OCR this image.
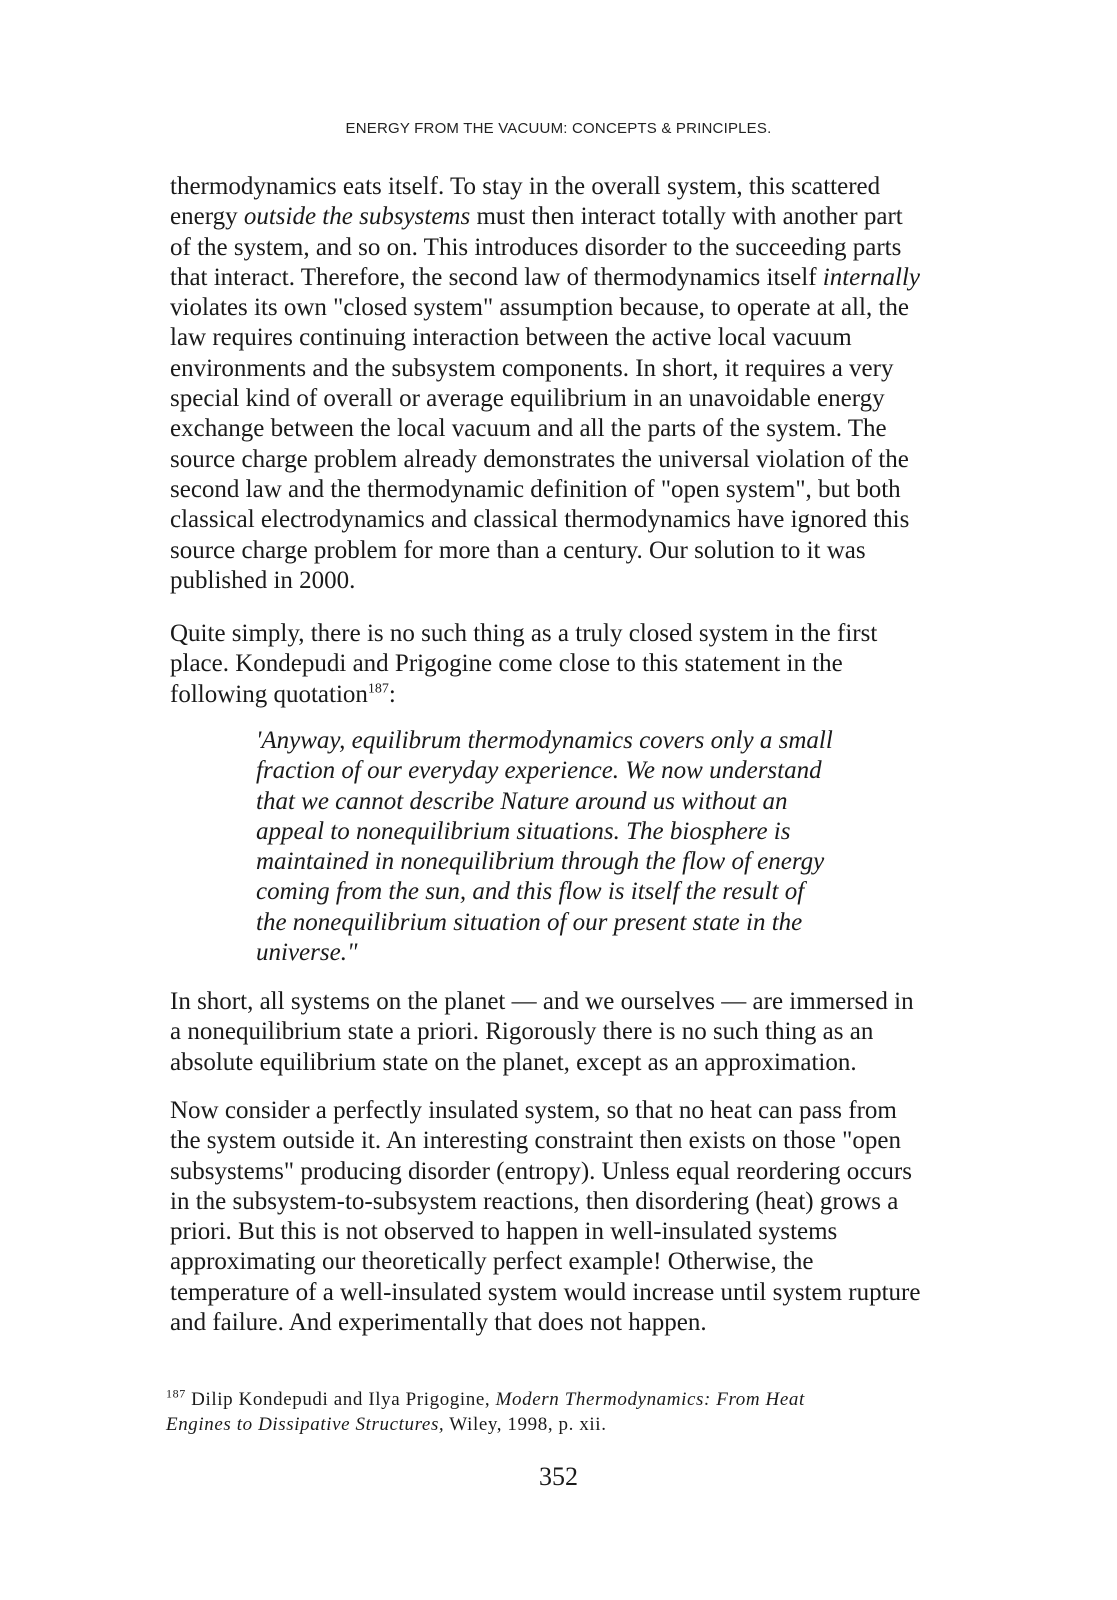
ENERGY FROM THE VACUUM: CONCEPTS & PRINCIPLES.
thermodynamics eats itself. To stay in the overall system, this scattered
energy outside the subsystems must then interact totally with another part
of the system, and so on. This introduces disorder to the succeeding parts
that interact. Therefore, the second law of thermodynamics itself internally
violates its own "closed system" assumption because, to operate at all, the
law requires continuing interaction between the active local vacuum
environments and the subsystem components. In short, it requires a very
special kind of overall or average equilibrium in an unavoidable energy
exchange between the local vacuum and all the parts of the system. The
source charge problem already demonstrates the universal violation of the
second law and the thermodynamic definition of "open system", but both
classical electrodynamics and classical thermodynamics have ignored this
source charge problem for more than a century. Our solution to it was
published in 2000.
Quite simply, there is no such thing as a truly closed system in the first
place. Kondepudi and Prigogine come close to this statement in the
following quotation$^{187}$:
'Anyway, equilibrum thermodynamics covers only a small
fraction of our everyday experience. We now understand
that we cannot describe Nature around us without an
appeal to nonequilibrium situations. The biosphere is
maintained in nonequilibrium through the flow of energy
coming from the sun, and this flow is itself the result of
the nonequilibrium situation of our present state in the
universe."
In short, all systems on the planet — and we ourselves — are immersed in
a nonequilibrium state a priori. Rigorously there is no such thing as an
absolute equilibrium state on the planet, except as an approximation.
Now consider a perfectly insulated system, so that no heat can pass from
the system outside it. An interesting constraint then exists on those "open
subsystems" producing disorder (entropy). Unless equal reordering occurs
in the subsystem-to-subsystem reactions, then disordering (heat) grows a
priori. But this is not observed to happen in well-insulated systems
approximating our theoretically perfect example! Otherwise, the
temperature of a well-insulated system would increase until system rupture
and failure. And experimentally that does not happen.
$^{187}$ Dilip Kondepudi and Ilya Prigogine, Modern Thermodynamics: From Heat
Engines to Dissipative Structures, Wiley, 1998, p. xii.
352
